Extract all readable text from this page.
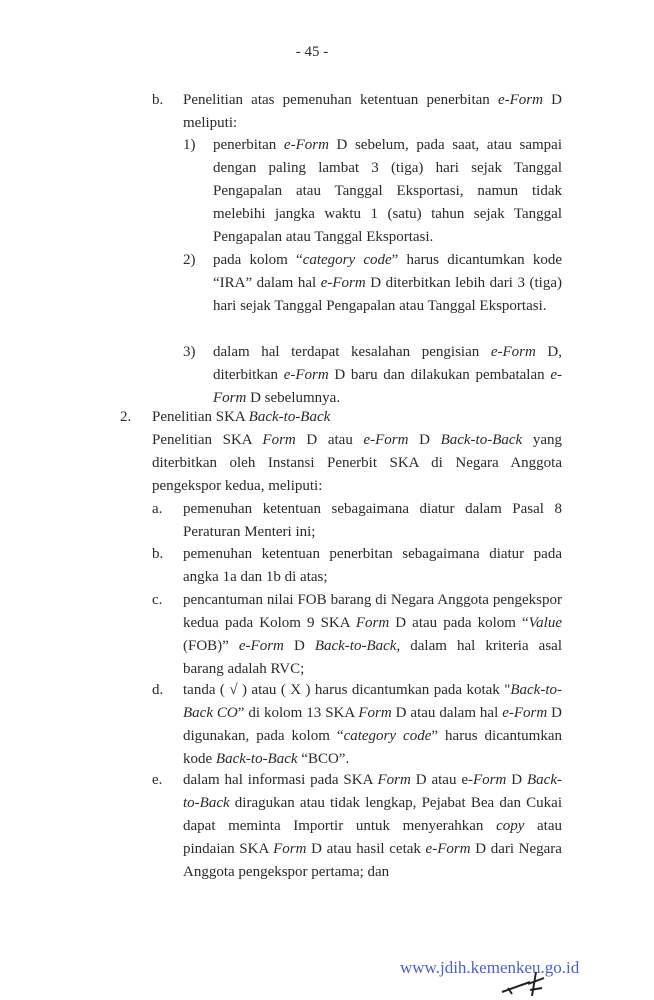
- 45 -
b. Penelitian atas pemenuhan ketentuan penerbitan e-Form D meliputi:
1) penerbitan e-Form D sebelum, pada saat, atau sampai dengan paling lambat 3 (tiga) hari sejak Tanggal Pengapalan atau Tanggal Eksportasi, namun tidak melebihi jangka waktu 1 (satu) tahun sejak Tanggal Pengapalan atau Tanggal Eksportasi.
2) pada kolom “category code” harus dicantumkan kode “IRA” dalam hal e-Form D diterbitkan lebih dari 3 (tiga) hari sejak Tanggal Pengapalan atau Tanggal Eksportasi.
3) dalam hal terdapat kesalahan pengisian e-Form D, diterbitkan e-Form D baru dan dilakukan pembatalan e-Form D sebelumnya.
2. Penelitian SKA Back-to-Back
Penelitian SKA Form D atau e-Form D Back-to-Back yang diterbitkan oleh Instansi Penerbit SKA di Negara Anggota pengekspor kedua, meliputi:
a. pemenuhan ketentuan sebagaimana diatur dalam Pasal 8 Peraturan Menteri ini;
b. pemenuhan ketentuan penerbitan sebagaimana diatur pada angka 1a dan 1b di atas;
c. pencantuman nilai FOB barang di Negara Anggota pengekspor kedua pada Kolom 9 SKA Form D atau pada kolom “Value (FOB)” e-Form D Back-to-Back, dalam hal kriteria asal barang adalah RVC;
d. tanda ( √ ) atau ( X ) harus dicantumkan pada kotak "Back-to-Back CO” di kolom 13 SKA Form D atau dalam hal e-Form D digunakan, pada kolom “category code” harus dicantumkan kode Back-to-Back “BCO”.
e. dalam hal informasi pada SKA Form D atau e-Form D Back-to-Back diragukan atau tidak lengkap, Pejabat Bea dan Cukai dapat meminta Importir untuk menyerahkan copy atau pindaian SKA Form D atau hasil cetak e-Form D dari Negara Anggota pengekspor pertama; dan
www.jdih.kemenkeu.go.id
